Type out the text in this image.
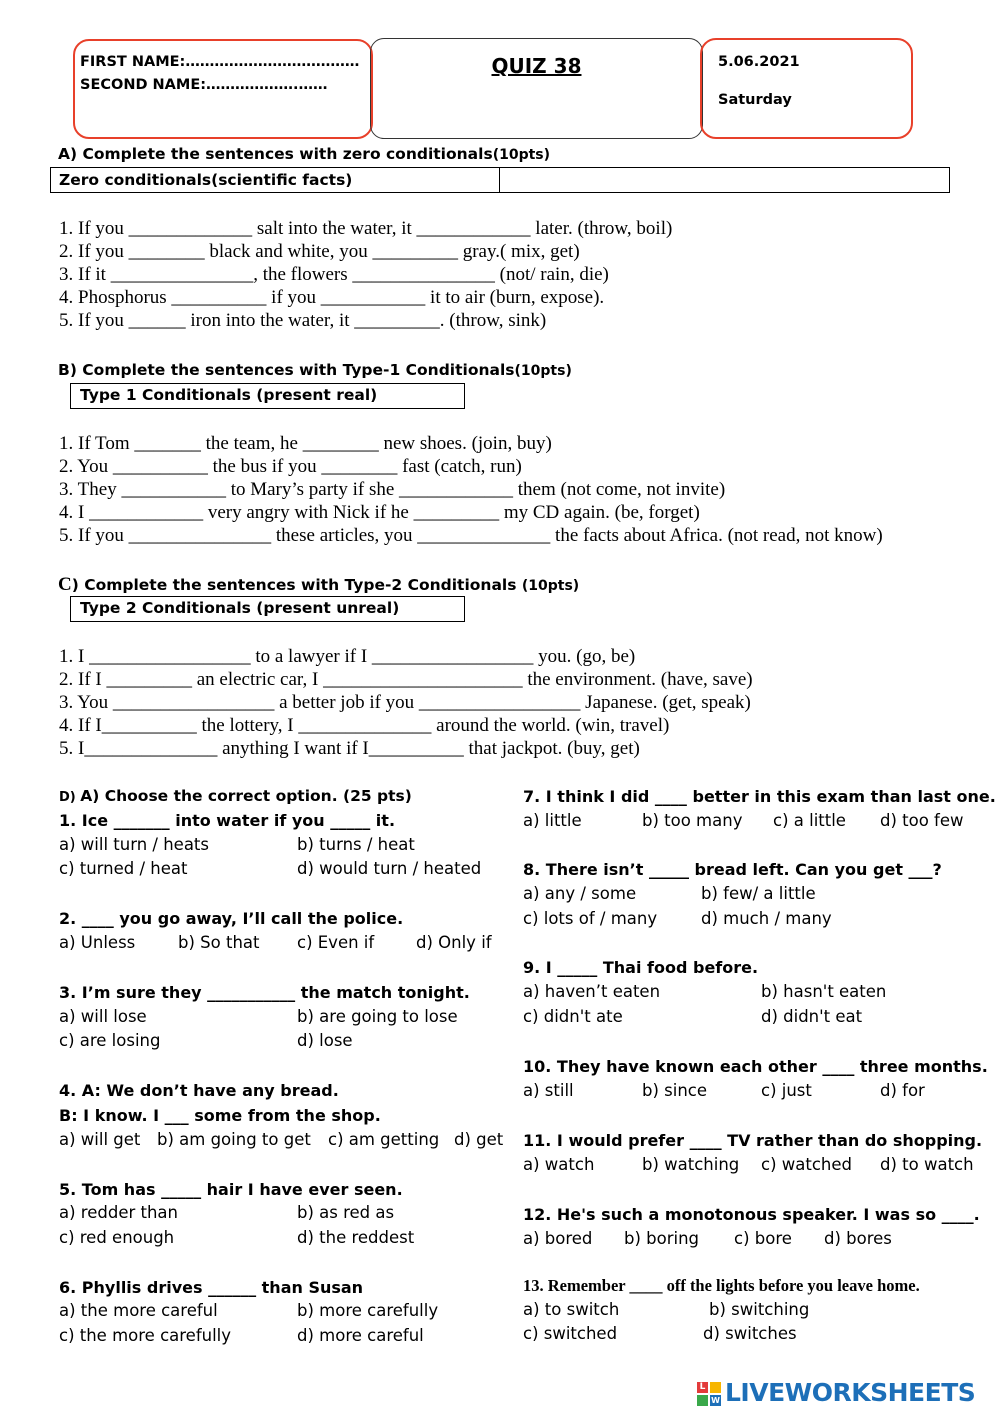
FIRST NAME:………………………………
SECOND NAME:……………….……
QUIZ 38	5.06.2021
Saturday
A) Complete the sentences with zero conditionals(10pts)
Zero conditionals(scientific facts)
1. If you _____________ salt into the water, it ____________ later. (throw, boil)
2. If you ________ black and white, you _________ gray.( mix, get)
3. If it _______________, the flowers _______________ (not/ rain, die)
4. Phosphorus __________ if you ___________ it to air (burn, expose).
5. If you ______ iron into the water, it _________. (throw, sink)
B) Complete the sentences with Type-1 Conditionals(10pts)
Type 1 Conditionals (present real)
1. If Tom _______ the team, he ________ new shoes. (join, buy)
2. You __________ the bus if you ________ fast (catch, run)
3. They ___________ to Mary’s party if she ____________ them (not come, not invite)
4. I ____________ very angry with Nick if he _________ my CD again. (be, forget)
5. If you _______________ these articles, you ______________ the facts about Africa. (not read, not know)
C) Complete the sentences with Type-2 Conditionals (10pts)
Type 2 Conditionals (present unreal)
1. I _________________ to a lawyer if I _________________ you. (go, be)
2. If I _________ an electric car, I _____________________ the environment. (have, save)
3. You _________________ a better job if you _________________ Japanese. (get, speak)
4. If I__________ the lottery, I ______________ around the world. (win, travel)
5. I______________ anything I want if I__________ that jackpot. (buy, get)
D) A) Choose the correct option. (25 pts)
1. Ice _______ into water if you _____ it.
a) will turn / heats	b) turns / heat
c) turned / heat	d) would turn / heated
2. ____ you go away, I’ll call the police.
a) Unless	b) So that c) Even if	d) Only if
3. I’m sure they ___________ the match tonight.
a) will lose	b) are going to lose
c) are losing	d) lose
4. A: We don’t have any bread.
B: I know. I ___ some from the shop.
a) will get b) am going to get c) am getting d) get
5. Tom has _____ hair I have ever seen.
a) redder than	b) as red as
c) red enough	d) the reddest
6. Phyllis drives ______ than Susan
a) the more careful	b) more carefully
c) the more carefully	d) more careful
7. I think I did ____ better in this exam than last one.
a) little	b) too many c) a little d) too few
8. There isn’t _____ bread left. Can you get ___?
a) any / some	b) few/ a little
c) lots of / many	d) much / many
9. I _____ Thai food before.
a) haven’t eaten	b) hasn't eaten
c) didn't ate	d) didn't eat
10. They have known each other ____ three months.
a) still	b) since	c) just	d) for
11. I would prefer ____ TV rather than do shopping.
a) watch	b) watching c) watched d) to watch
12. He's such a monotonous speaker. I was so ____.
a) bored b) boring c) bore d) bores
13. Remember ____ off the lights before you leave home.
a) to switch	b) switching
c) switched	d) switches
L
W LIVEWORKSHEETS
